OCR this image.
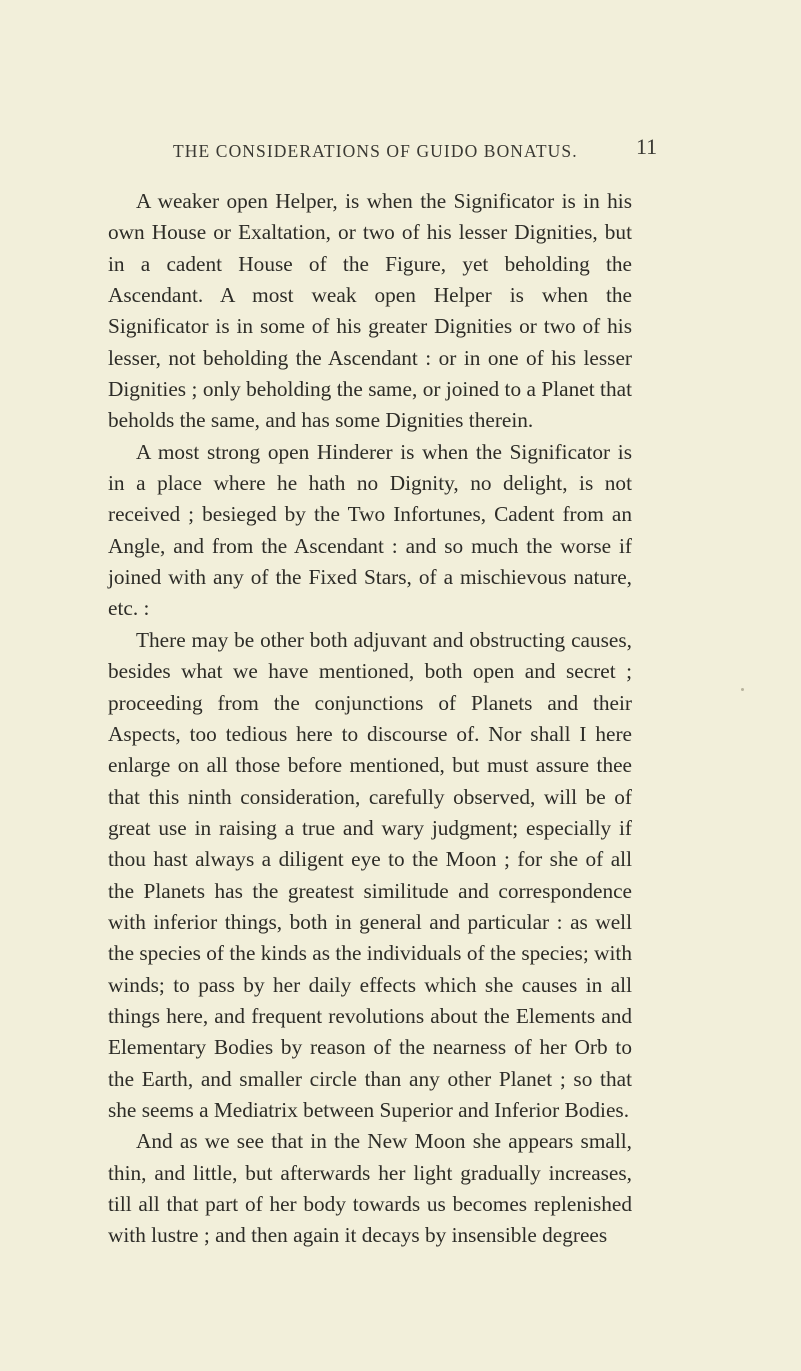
THE CONSIDERATIONS OF GUIDO BONATUS.	11

A weaker open Helper, is when the Significator is in his own House or Exaltation, or two of his lesser Dignities, but in a cadent House of the Figure, yet beholding the Ascendant. A most weak open Helper is when the Significator is in some of his greater Dignities or two of his lesser, not beholding the Ascendant : or in one of his lesser Dignities ; only beholding the same, or joined to a Planet that beholds the same, and has some Dignities therein.

A most strong open Hinderer is when the Significator is in a place where he hath no Dignity, no delight, is not received ; besieged by the Two Infortunes, Cadent from an Angle, and from the Ascendant : and so much the worse if joined with any of the Fixed Stars, of a mischievous nature, etc. :

There may be other both adjuvant and obstructing causes, besides what we have mentioned, both open and secret ; proceeding from the conjunctions of Planets and their Aspects, too tedious here to discourse of. Nor shall I here enlarge on all those before mentioned, but must assure thee that this ninth consideration, carefully observed, will be of great use in raising a true and wary judgment; especially if thou hast always a diligent eye to the Moon ; for she of all the Planets has the greatest similitude and correspondence with inferior things, both in general and particular : as well the species of the kinds as the individuals of the species; with winds; to pass by her daily effects which she causes in all things here, and frequent revolutions about the Elements and Elementary Bodies by reason of the nearness of her Orb to the Earth, and smaller circle than any other Planet ; so that she seems a Mediatrix between Superior and Inferior Bodies.

And as we see that in the New Moon she appears small, thin, and little, but afterwards her light gradually increases, till all that part of her body towards us becomes replenished with lustre ; and then again it decays by insensible degrees
